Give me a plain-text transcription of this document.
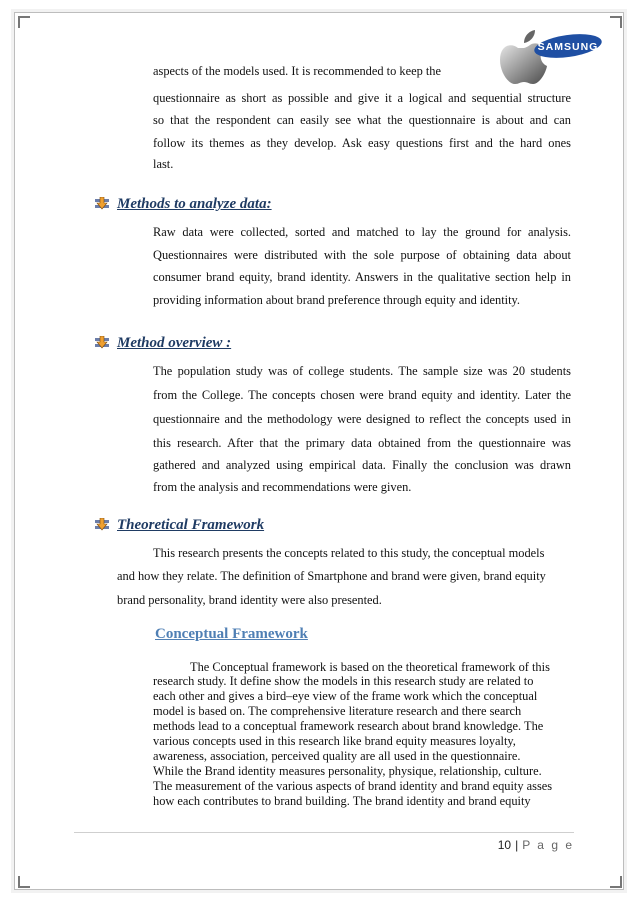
SAMSUNG
aspects of the models used. It is recommended to keep the
questionnaire as short as possible and give it a logical and sequential structure
so that the respondent can easily see what the questionnaire is about and can
follow its themes as they develop. Ask easy questions first and the hard ones
last.
Methods to analyze data:
Raw data were collected, sorted and matched to lay the ground for analysis.
Questionnaires were distributed with the sole purpose of obtaining data about
consumer brand equity, brand identity. Answers in the qualitative section help in
providing information about brand preference through equity and identity.
Method overview :
The population study was of college students. The sample size was 20 students
from the College. The concepts chosen were brand equity and identity. Later the
questionnaire and the methodology were designed to reflect the concepts used in
this research. After that the primary data obtained from the questionnaire was
gathered and analyzed using empirical data. Finally the conclusion was drawn
from the analysis and recommendations were given.
Theoretical Framework
This research presents the concepts related to this study, the conceptual models
and how they relate. The definition of Smartphone and brand were given, brand equity
brand personality, brand identity were also presented.
Conceptual Framework
The Conceptual framework is based on the theoretical framework of this
research study. It define show the models in this research study are related to
each other and gives a bird–eye view of the frame work which the conceptual
model is based on. The comprehensive literature research and there search
methods lead to a conceptual framework research about brand knowledge. The
various concepts used in this research like brand equity measures loyalty,
awareness, association, perceived quality are all used in the questionnaire.
While the Brand identity measures personality, physique, relationship, culture.
The measurement of the various aspects of brand identity and brand equity asses
how each contributes to brand building. The brand identity and brand equity
10 | P a g e
